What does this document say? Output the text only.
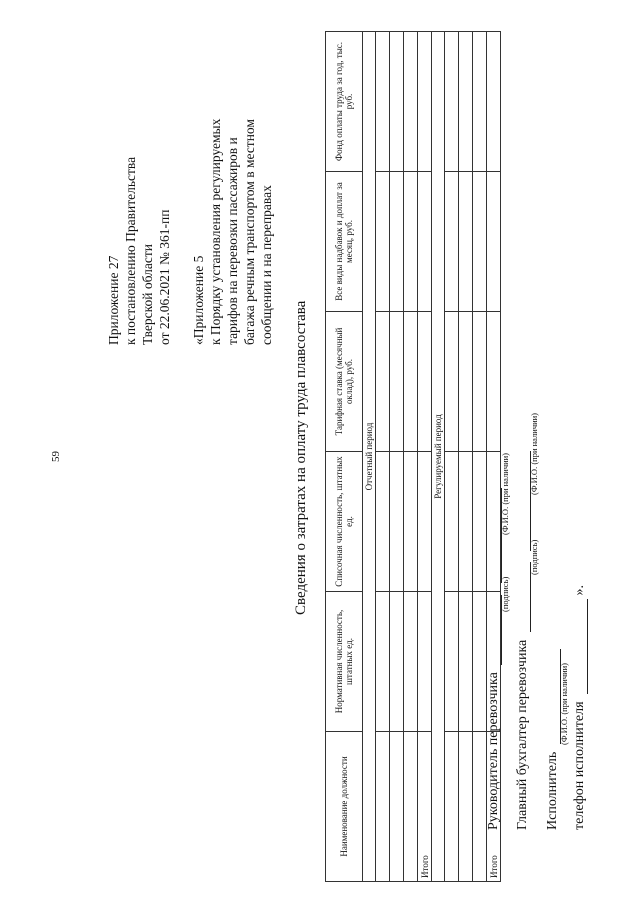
59
Приложение 27 к постановлению Правительства Тверской области от 22.06.2021 № 361-пп «Приложение 5 к Порядку установления регулируемых тарифов на перевозки пассажиров и багажа речным транспортом в местном сообщении и на переправах
Сведения о затратах на оплату труда плавсостава
Наименование должности	Нормативная численность, штатных ед.	Списочная численность, штатных ед.	Тарифная ставка (месячный оклад), руб.	Все виды надбавок и доплат за месяц, руб.	Фонд оплаты труда за год, тыс. руб.
Отчетный период					

Итого					
Регулируемый период					

Итого					
Руководитель перевозчика
(подпись)
(Ф.И.О. (при наличии)
Главный бухгалтер перевозчика
(подпись)
(Ф.И.О. (при наличии)
Исполнитель
(Ф.И.О. (при наличии) телефон исполнителя  ».
